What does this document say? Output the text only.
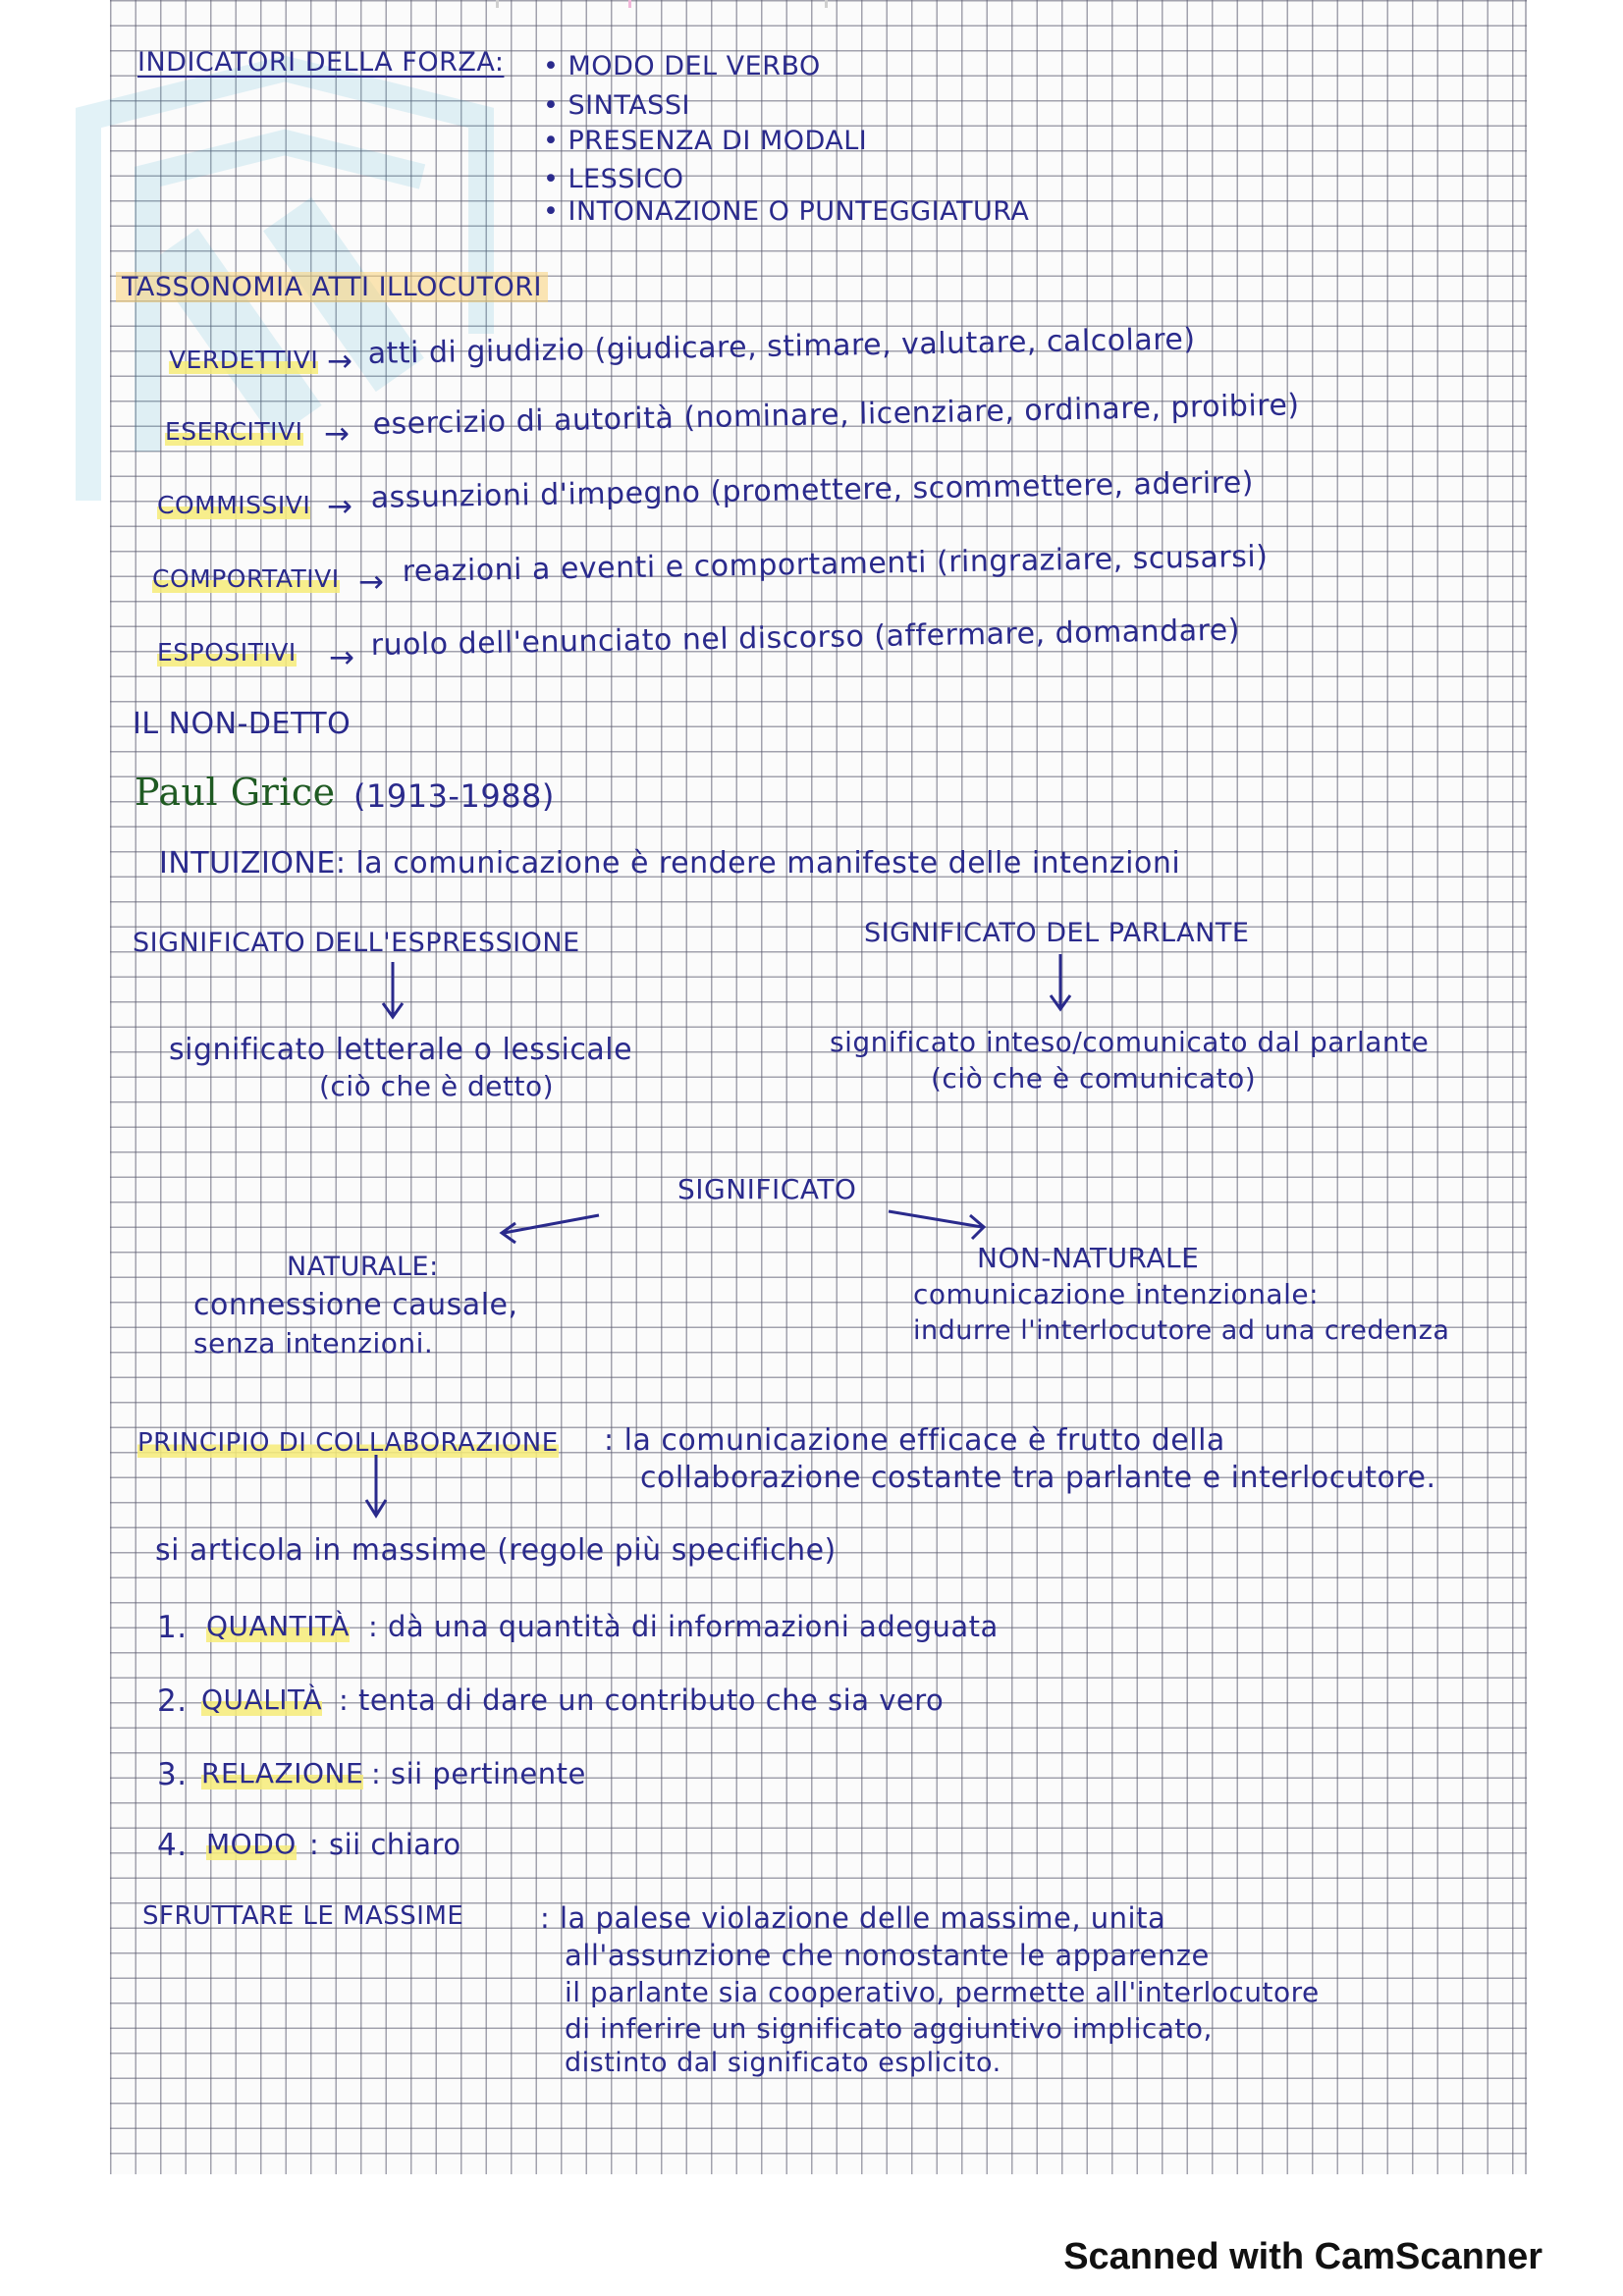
INDICATORI DELLA FORZA: • MODO DEL VERBO

• SINTASSI

• PRESENZA DI MODALI

• LESSICO

• INTONAZIONE O PUNTEGGIATURA

TASSONOMIA ATTI ILLOCUTORI

VERDETTIVI → atti di giudizio (giudicare, stimare, valutare, calcolare)

ESERCITIVI → esercizio di autorità (nominare, licenziare, ordinare, proibire)

COMMISSIVI → assunzioni d'impegno (promettere, scommettere, aderire)

COMPORTATIVI → reazioni a eventi e comportamenti (ringraziare, scusarsi)

ESPOSITIVI → ruolo dell'enunciato nel discorso (affermare, domandare)

IL NON-DETTO

Paul Grice (1913-1988)

INTUIZIONE: la comunicazione è rendere manifeste delle intenzioni

SIGNIFICATO DELL'ESPRESSIONE	SIGNIFICATO DEL PARLANTE

significato letterale o lessicale

(ciò che è detto)

significato inteso/comunicato dal parlante

(ciò che è comunicato)

SIGNIFICATO

NATURALE:

connessione causale,

senza intenzioni.

NON-NATURALE

comunicazione intenzionale:

indurre l'interlocutore ad una credenza

PRINCIPIO DI COLLABORAZIONE : la comunicazione efficace è frutto della

collaborazione costante tra parlante e interlocutore.

si articola in massime (regole più specifiche)

1. QUANTITÀ : dà una quantità di informazioni adeguata

2. QUALITÀ : tenta di dare un contributo che sia vero

3. RELAZIONE : sii pertinente

4. MODO : sii chiaro

SFRUTTARE LE MASSIME	: la palese violazione delle massime, unita

all'assunzione che nonostante le apparenze

il parlante sia cooperativo, permette all'interlocutore

di inferire un significato aggiuntivo implicato,

distinto dal significato esplicito.

Scanned with CamScanner
